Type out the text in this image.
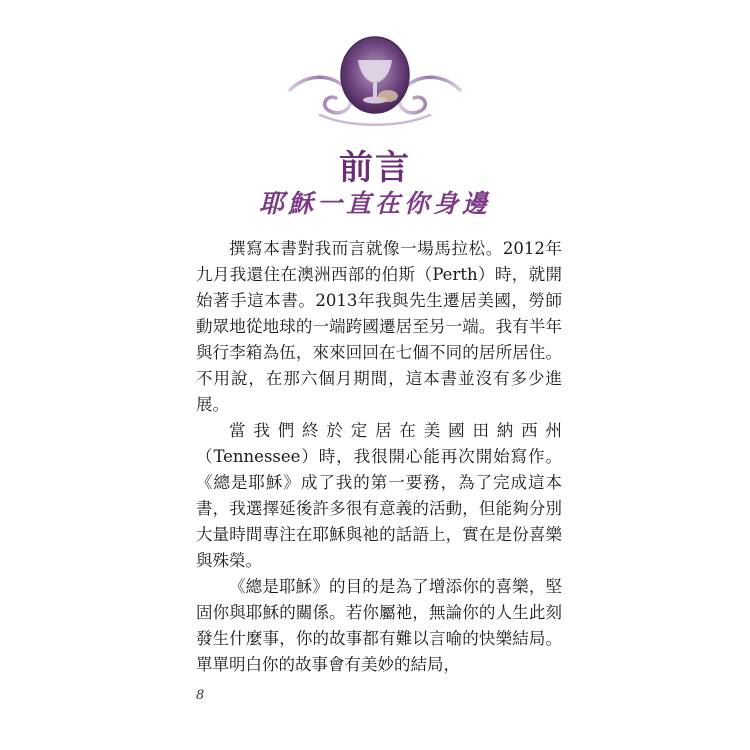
前言
耶穌一直在你身邊

撰寫本書對我而言就像一場馬拉松。2012年九月我還住在澳洲西部的伯斯（Perth）時，就開始著手這本書。2013年我與先生遷居美國，勞師動眾地從地球的一端跨國遷居至另一端。我有半年與行李箱為伍，來來回回在七個不同的居所居住。不用說，在那六個月期間，這本書並沒有多少進展。

當我們終於定居在美國田納西州（Tennessee）時，我很開心能再次開始寫作。《總是耶穌》成了我的第一要務，為了完成這本書，我選擇延後許多很有意義的活動，但能夠分別大量時間專注在耶穌與祂的話語上，實在是份喜樂與殊榮。

《總是耶穌》的目的是為了增添你的喜樂，堅固你與耶穌的關係。若你屬祂，無論你的人生此刻發生什麼事，你的故事都有難以言喻的快樂結局。單單明白你的故事會有美妙的結局，

8
